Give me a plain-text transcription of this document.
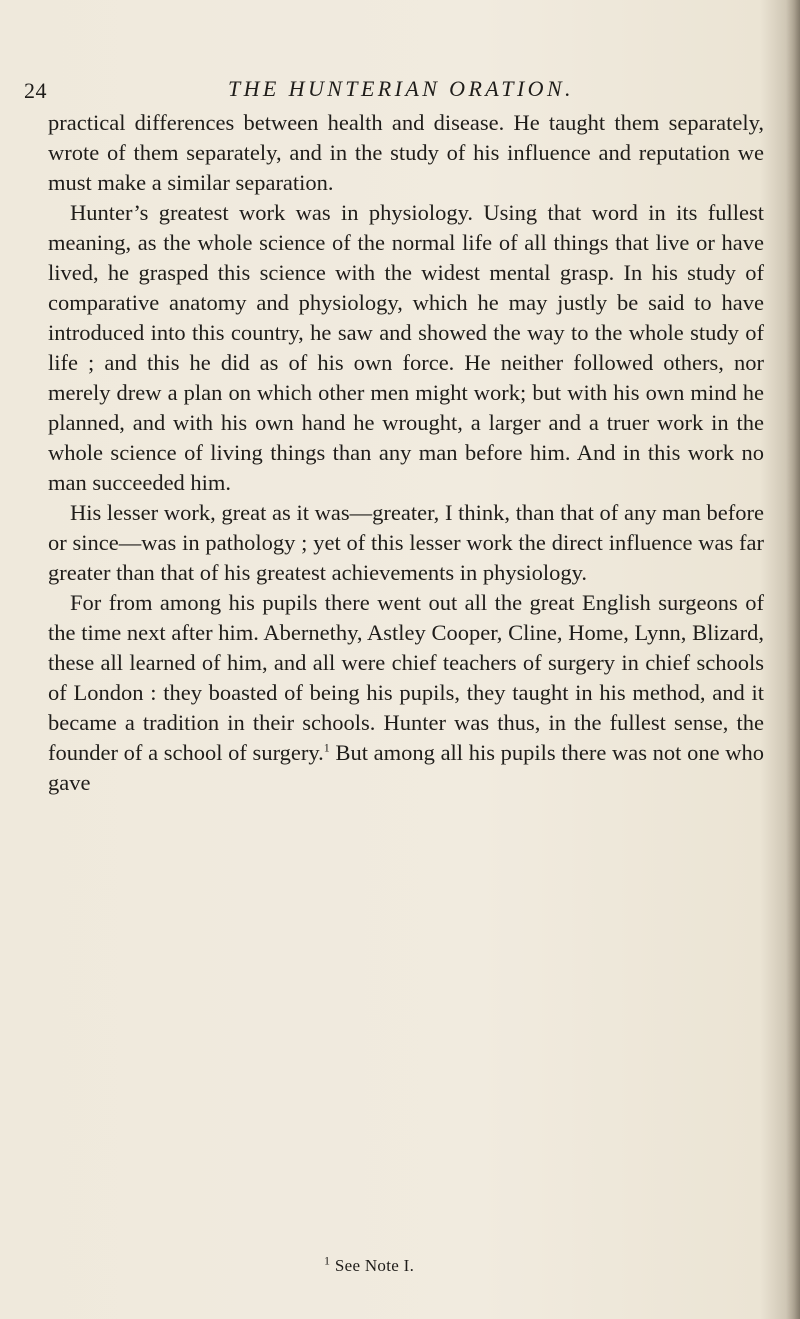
24	THE HUNTERIAN ORATION.

practical differences between health and disease. He taught them separately, wrote of them separately, and in the study of his influence and reputation we must make a similar separation.

Hunter’s greatest work was in physiology. Using that word in its fullest meaning, as the whole science of the normal life of all things that live or have lived, he grasped this science with the widest mental grasp. In his study of comparative anatomy and physiology, which he may justly be said to have introduced into this country, he saw and showed the way to the whole study of life ; and this he did as of his own force. He neither followed others, nor merely drew a plan on which other men might work; but with his own mind he planned, and with his own hand he wrought, a larger and a truer work in the whole science of living things than any man before him. And in this work no man succeeded him.

His lesser work, great as it was—greater, I think, than that of any man before or since—was in pathology ; yet of this lesser work the direct influence was far greater than that of his greatest achievements in physiology.

For from among his pupils there went out all the great English surgeons of the time next after him. Abernethy, Astley Cooper, Cline, Home, Lynn, Blizard, these all learned of him, and all were chief teachers of surgery in chief schools of London : they boasted of being his pupils, they taught in his method, and it became a tradition in their schools. Hunter was thus, in the fullest sense, the founder of a school of surgery.$^1$ But among all his pupils there was not one who gave

$^1$ See Note I.
